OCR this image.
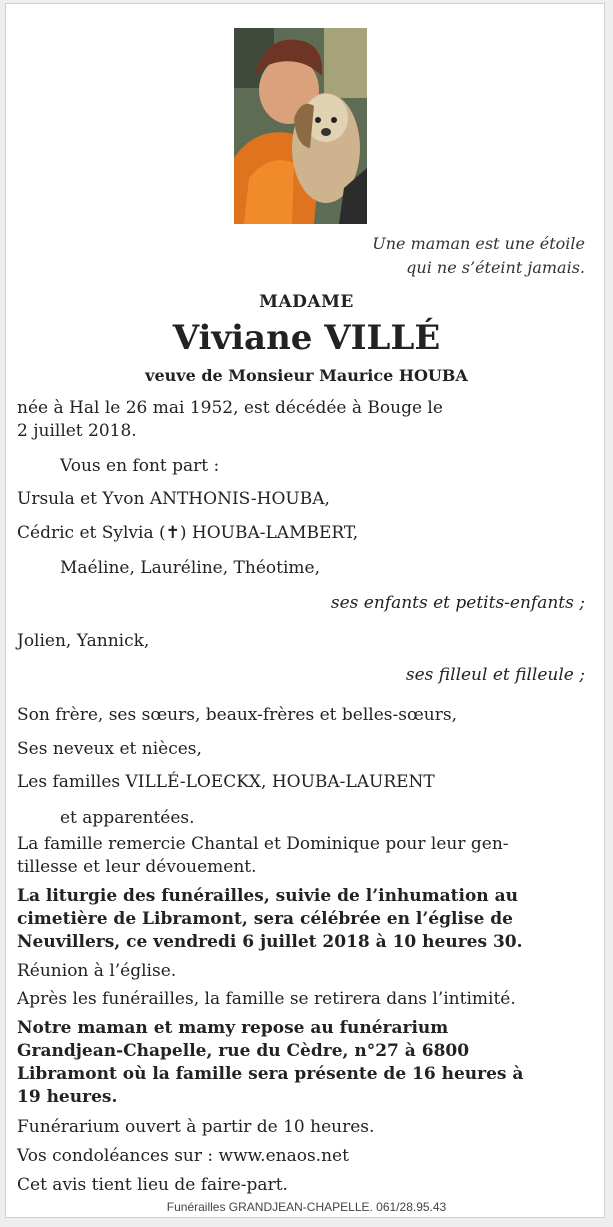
Une maman est une étoile
qui ne s’éteint jamais.
MADAME
Viviane VILLÉ
veuve de Monsieur Maurice HOUBA
née à Hal le 26 mai 1952, est décédée à Bouge le
2 juillet 2018.
Vous en font part :
Ursula et Yvon ANTHONIS-HOUBA,
Cédric et Sylvia (✝) HOUBA-LAMBERT,
Maéline, Lauréline, Théotime,
ses enfants et petits-enfants ;
Jolien, Yannick,
ses filleul et filleule ;
Son frère, ses sœurs, beaux-frères et belles-sœurs,
Ses neveux et nièces,
Les familles VILLÉ-LOECKX, HOUBA-LAURENT
et apparentées.
La famille remercie Chantal et Dominique pour leur gen-
tillesse et leur dévouement.
La liturgie des funérailles, suivie de l’inhumation au
cimetière de Libramont, sera célébrée en l’église de
Neuvillers, ce vendredi 6 juillet 2018 à 10 heures 30.
Réunion à l’église.
Après les funérailles, la famille se retirera dans l’intimité.
Notre maman et mamy repose au funérarium
Grandjean-Chapelle, rue du Cèdre, n°27 à 6800
Libramont où la famille sera présente de 16 heures à
19 heures.
Funérarium ouvert à partir de 10 heures.
Vos condoléances sur : www.enaos.net
Cet avis tient lieu de faire-part.
Funérailles GRANDJEAN-CHAPELLE. 061/28.95.43
